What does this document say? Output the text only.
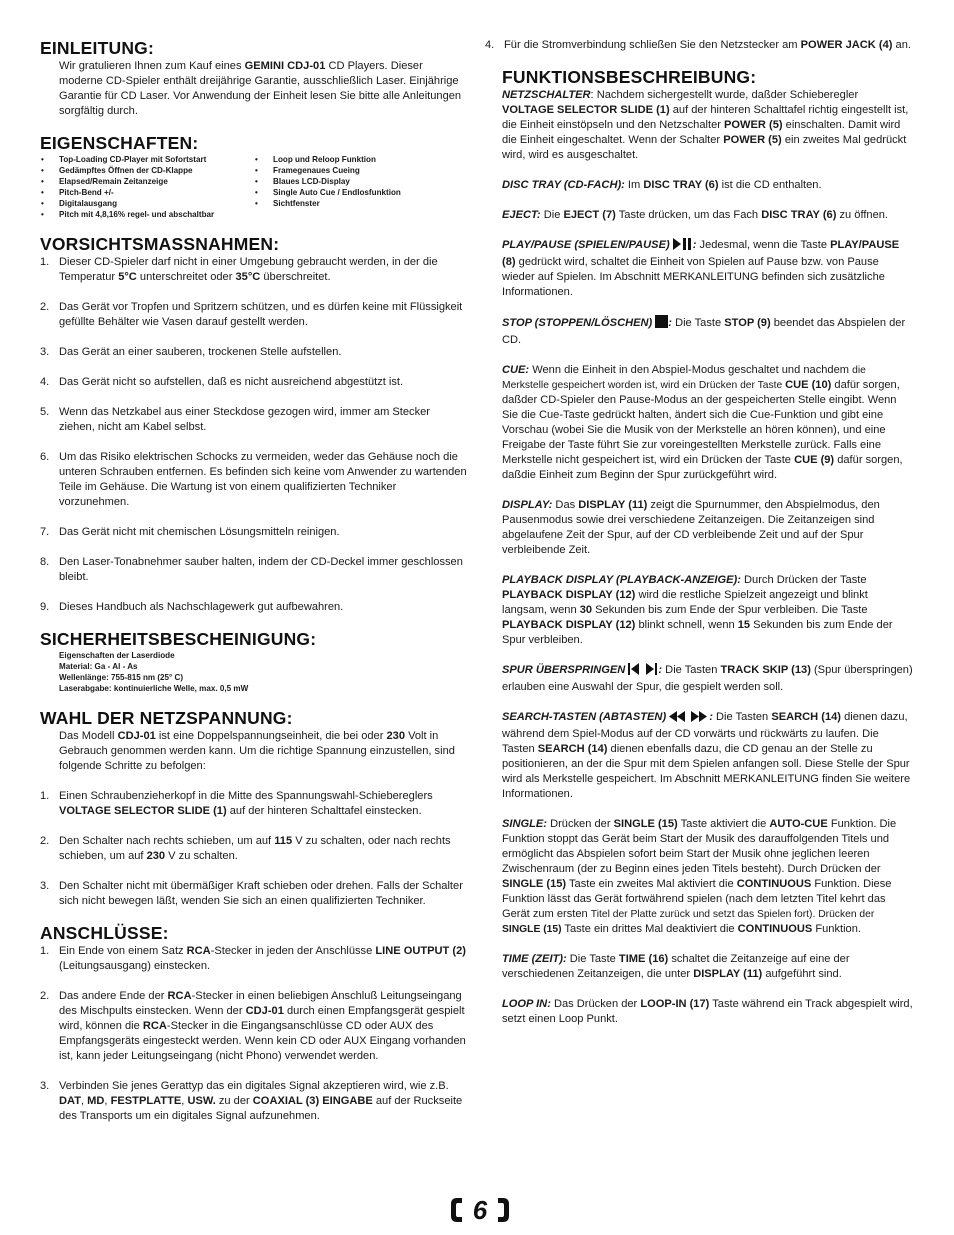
EINLEITUNG:

Wir gratulieren Ihnen zum Kauf eines GEMINI CDJ-01 CD Players. Dieser moderne CD-Spieler enthält dreijährige Garantie, ausschließlich Laser. Einjährige Garantie für CD Laser. Vor Anwendung der Einheit lesen Sie bitte alle Anleitungen sorgfältig durch.

EIGENSCHAFTEN:
• Top-Loading CD-Player mit Sofortstart
• Gedämpftes Öffnen der CD-Klappe
• Elapsed/Remain Zeitanzeige
• Pitch-Bend +/-
• Digitalausgang
• Pitch mit 4,8,16% regel- und abschaltbar
• Loop und Reloop Funktion
• Framegenaues Cueing
• Blaues LCD-Display
• Single Auto Cue / Endlosfunktion
• Sichtfenster
VORSICHTSMASSNAHMEN:
1. Dieser CD-Spieler darf nicht in einer Umgebung gebraucht werden, in der die Temperatur 5°C unterschreitet oder 35°C überschreitet.
2. Das Gerät vor Tropfen und Spritzern schützen, und es dürfen keine mit Flüssigkeit gefüllte Behälter wie Vasen darauf gestellt werden.
3. Das Gerät an einer sauberen, trockenen Stelle aufstellen.
4. Das Gerät nicht so aufstellen, daß es nicht ausreichend abgestützt ist.
5. Wenn das Netzkabel aus einer Steckdose gezogen wird, immer am Stecker ziehen, nicht am Kabel selbst.
6. Um das Risiko elektrischen Schocks zu vermeiden, weder das Gehäuse noch die unteren Schrauben entfernen. Es befinden sich keine vom Anwender zu wartenden Teile im Gehäuse. Die Wartung ist von einem qualifizierten Techniker vorzunehmen.
7. Das Gerät nicht mit chemischen Lösungsmitteln reinigen.
8. Den Laser-Tonabnehmer sauber halten, indem der CD-Deckel immer geschlossen bleibt.
9. Dieses Handbuch als Nachschlagewerk gut aufbewahren.
SICHERHEITSBESCHEINIGUNG:
Eigenschaften der Laserdiode
Material: Ga - Al - As
Wellenlänge: 755-815 nm (25° C)
Laserabgabe: kontinuierliche Welle, max. 0,5 mW
WAHL DER NETZSPANNUNG:

Das Modell CDJ-01 ist eine Doppelspannungseinheit, die bei oder 230 Volt in Gebrauch genommen werden kann. Um die richtige Spannung einzustellen, sind folgende Schritte zu befolgen:

1. Einen Schraubenzieherkopf in die Mitte des Spannungswahl-Schiebereglers VOLTAGE SELECTOR SLIDE (1) auf der hinteren Schalttafel einstecken.
2. Den Schalter nach rechts schieben, um auf 115 V zu schalten, oder nach rechts schieben, um auf 230 V zu schalten.
3. Den Schalter nicht mit übermäßiger Kraft schieben oder drehen. Falls der Schalter sich nicht bewegen läßt, wenden Sie sich an einen qualifizierten Techniker.
ANSCHLÜSSE:
1. Ein Ende von einem Satz RCA-Stecker in jeden der Anschlüsse LINE OUTPUT (2) (Leitungsausgang) einstecken.
2. Das andere Ende der RCA-Stecker in einen beliebigen Anschluß Leitungseingang des Mischpults einstecken. Wenn der CDJ-01 durch einen Empfangsgerät gespielt wird, können die RCA-Stecker in die Eingangsanschlüsse CD oder AUX des Empfangsgeräts eingesteckt werden. Wenn kein CD oder AUX Eingang vorhanden ist, kann jeder Leitungseingang (nicht Phono) verwendet werden.
3. Verbinden Sie jenes Gerattyp das ein digitales Signal akzeptieren wird, wie z.B. DAT, MD, FESTPLATTE, USW. zu der COAXIAL (3) EINGABE auf der Ruckseite des Transports um ein digitales Signal aufzunehmen.
4. Für die Stromverbindung schließen Sie den Netzstecker am POWER JACK (4) an.
FUNKTIONSBESCHREIBUNG:

NETZSCHALTER: Nachdem sichergestellt wurde, daßder Schieberegler VOLTAGE SELECTOR SLIDE (1) auf der hinteren Schalttafel richtig eingestellt ist, die Einheit einstöpseln und den Netzschalter POWER (5) einschalten. Damit wird die Einheit eingeschaltet. Wenn der Schalter POWER (5) ein zweites Mal gedrückt wird, wird es ausgeschaltet.

DISC TRAY (CD-FACH): Im DISC TRAY (6) ist die CD enthalten.

EJECT: Die EJECT (7) Taste drücken, um das Fach DISC TRAY (6) zu öffnen.

PLAY/PAUSE (SPIELEN/PAUSE) : Jedesmal, wenn die Taste PLAY/PAUSE (8) gedrückt wird, schaltet die Einheit von Spielen auf Pause bzw. von Pause wieder auf Spielen. Im Abschnitt MERKANLEITUNG befinden sich zusätzliche Informationen.

STOP (STOPPEN/LÖSCHEN) : Die Taste STOP (9) beendet das Abspielen der CD.

CUE: Wenn die Einheit in den Abspiel-Modus geschaltet und nachdem die Merkstelle gespeichert worden ist, wird ein Drücken der Taste CUE (10) dafür sorgen, daßder CD-Spieler den Pause-Modus an der gespeicherten Stelle eingibt. Wenn Sie die Cue-Taste gedrückt halten, ändert sich die Cue-Funktion und gibt eine Vorschau (wobei Sie die Musik von der Merkstelle an hören können), und eine Freigabe der Taste führt Sie zur voreingestellten Merkstelle zurück. Falls eine Merkstelle nicht gespeichert ist, wird ein Drücken der Taste CUE (9) dafür sorgen, daßdie Einheit zum Beginn der Spur zurückgeführt wird.

DISPLAY: Das DISPLAY (11) zeigt die Spurnummer, den Abspielmodus, den Pausenmodus sowie drei verschiedene Zeitanzeigen. Die Zeitanzeigen sind abgelaufene Zeit der Spur, auf der CD verbleibende Zeit und auf der Spur verbleibende Zeit.

PLAYBACK DISPLAY (PLAYBACK-ANZEIGE): Durch Drücken der Taste PLAYBACK DISPLAY (12) wird die restliche Spielzeit angezeigt und blinkt langsam, wenn 30 Sekunden bis zum Ende der Spur verbleiben. Die Taste PLAYBACK DISPLAY (12) blinkt schnell, wenn 15 Sekunden bis zum Ende der Spur verbleiben.

SPUR ÜBERSPRINGEN	: Die Tasten TRACK SKIP (13) (Spur überspringen) erlauben eine Auswahl der Spur, die gespielt werden soll.

SEARCH-TASTEN (ABTASTEN)	: Die Tasten SEARCH (14) dienen dazu, während dem Spiel-Modus auf der CD vorwärts und rückwärts zu laufen. Die Tasten SEARCH (14) dienen ebenfalls dazu, die CD genau an der Stelle zu positionieren, an der die Spur mit dem Spielen anfangen soll. Diese Stelle der Spur wird als Merkstelle gespeichert. Im Abschnitt MERKANLEITUNG finden Sie weitere Informationen.

SINGLE: Drücken der SINGLE (15) Taste aktiviert die AUTO-CUE Funktion. Die Funktion stoppt das Gerät beim Start der Musik des darauffolgenden Titels und ermöglicht das Abspielen sofort beim Start der Musik ohne jeglichen leeren Zwischenraum (der zu Beginn eines jeden Titels besteht). Durch Drücken der SINGLE (15) Taste ein zweites Mal aktiviert die CONTINUOUS Funktion. Diese Funktion lässt das Gerät fortwährend spielen (nach dem letzten Titel kehrt das Gerät zum ersten Titel der Platte zurück und setzt das Spielen fort). Drücken der SINGLE (15) Taste ein drittes Mal deaktiviert die CONTINUOUS Funktion.

TIME (ZEIT): Die Taste TIME (16) schaltet die Zeitanzeige auf eine der verschiedenen Zeitanzeigen, die unter DISPLAY (11) aufgeführt sind.

LOOP IN: Das Drücken der LOOP-IN (17) Taste während ein Track abgespielt wird, setzt einen Loop Punkt.

6
